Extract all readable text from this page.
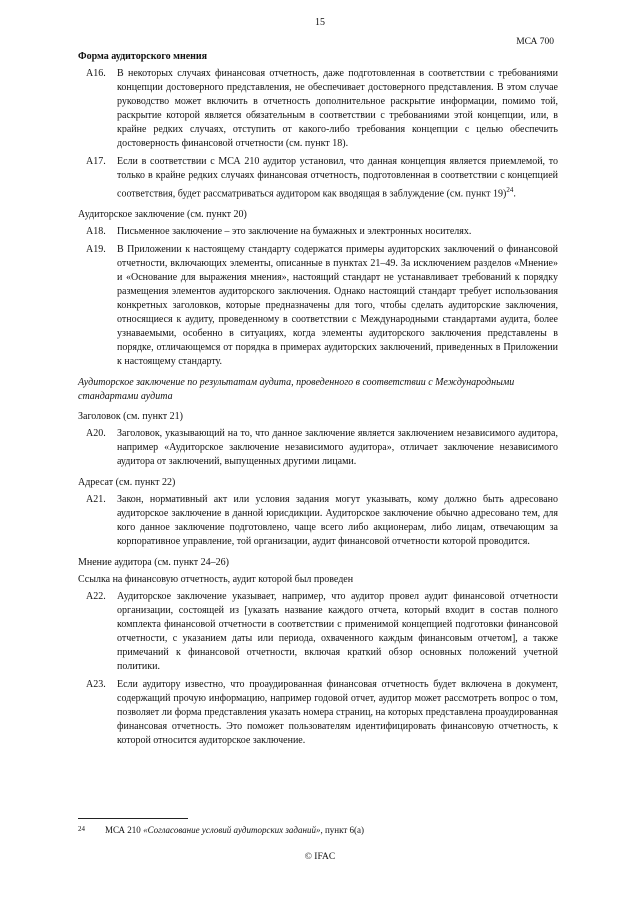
15
МСА 700
Форма аудиторского мнения
A16.	В некоторых случаях финансовая отчетность, даже подготовленная в соответствии с требованиями концепции достоверного представления, не обеспечивает достоверного представления. В этом случае руководство может включить в отчетность дополнительное раскрытие информации, помимо той, раскрытие которой является обязательным в соответствии с требованиями этой концепции, или, в крайне редких случаях, отступить от какого-либо требования концепции с целью обеспечить достоверность финансовой отчетности (см. пункт 18).
A17.	Если в соответствии с МСА 210 аудитор установил, что данная концепция является приемлемой, то только в крайне редких случаях финансовая отчетность, подготовленная в соответствии с концепцией соответствия, будет рассматриваться аудитором как вводящая в заблуждение (см. пункт 19)$^{24}$.
Аудиторское заключение (см. пункт 20)
A18.	Письменное заключение – это заключение на бумажных и электронных носителях.
A19.	В Приложении к настоящему стандарту содержатся примеры аудиторских заключений о финансовой отчетности, включающих элементы, описанные в пунктах 21–49. За исключением разделов «Мнение» и «Основание для выражения мнения», настоящий стандарт не устанавливает требований к порядку размещения элементов аудиторского заключения. Однако настоящий стандарт требует использования конкретных заголовков, которые предназначены для того, чтобы сделать аудиторские заключения, относящиеся к аудиту, проведенному в соответствии с Международными стандартами аудита, более узнаваемыми, особенно в ситуациях, когда элементы аудиторского заключения представлены в порядке, отличающемся от порядка в примерах аудиторских заключений, приведенных в Приложении к настоящему стандарту.
Аудиторское заключение по результатам аудита, проведенного в соответствии с Международными стандартами аудита
Заголовок (см. пункт 21)
A20.	Заголовок, указывающий на то, что данное заключение является заключением независимого аудитора, например «Аудиторское заключение независимого аудитора», отличает заключение независимого аудитора от заключений, выпущенных другими лицами.
Адресат (см. пункт 22)
A21.	Закон, нормативный акт или условия задания могут указывать, кому должно быть адресовано аудиторское заключение в данной юрисдикции. Аудиторское заключение обычно адресовано тем, для кого данное заключение подготовлено, чаще всего либо акционерам, либо лицам, отвечающим за корпоративное управление, той организации, аудит финансовой отчетности которой проводится.
Мнение аудитора (см. пункт 24–26)
Ссылка на финансовую отчетность, аудит которой был проведен
A22.	Аудиторское заключение указывает, например, что аудитор провел аудит финансовой отчетности организации, состоящей из [указать название каждого отчета, который входит в состав полного комплекта финансовой отчетности в соответствии с применимой концепцией подготовки финансовой отчетности, с указанием даты или периода, охваченного каждым финансовым отчетом], а также примечаний к финансовой отчетности, включая краткий обзор основных положений учетной политики.
A23.	Если аудитору известно, что проаудированная финансовая отчетность будет включена в документ, содержащий прочую информацию, например годовой отчет, аудитор может рассмотреть вопрос о том, позволяет ли форма представления указать номера страниц, на которых представлена проаудированная финансовая отчетность. Это поможет пользователям идентифицировать финансовую отчетность, к которой относится аудиторское заключение.
24 МСА 210 «Согласование условий аудиторских заданий», пункт 6(а)
© IFAC
